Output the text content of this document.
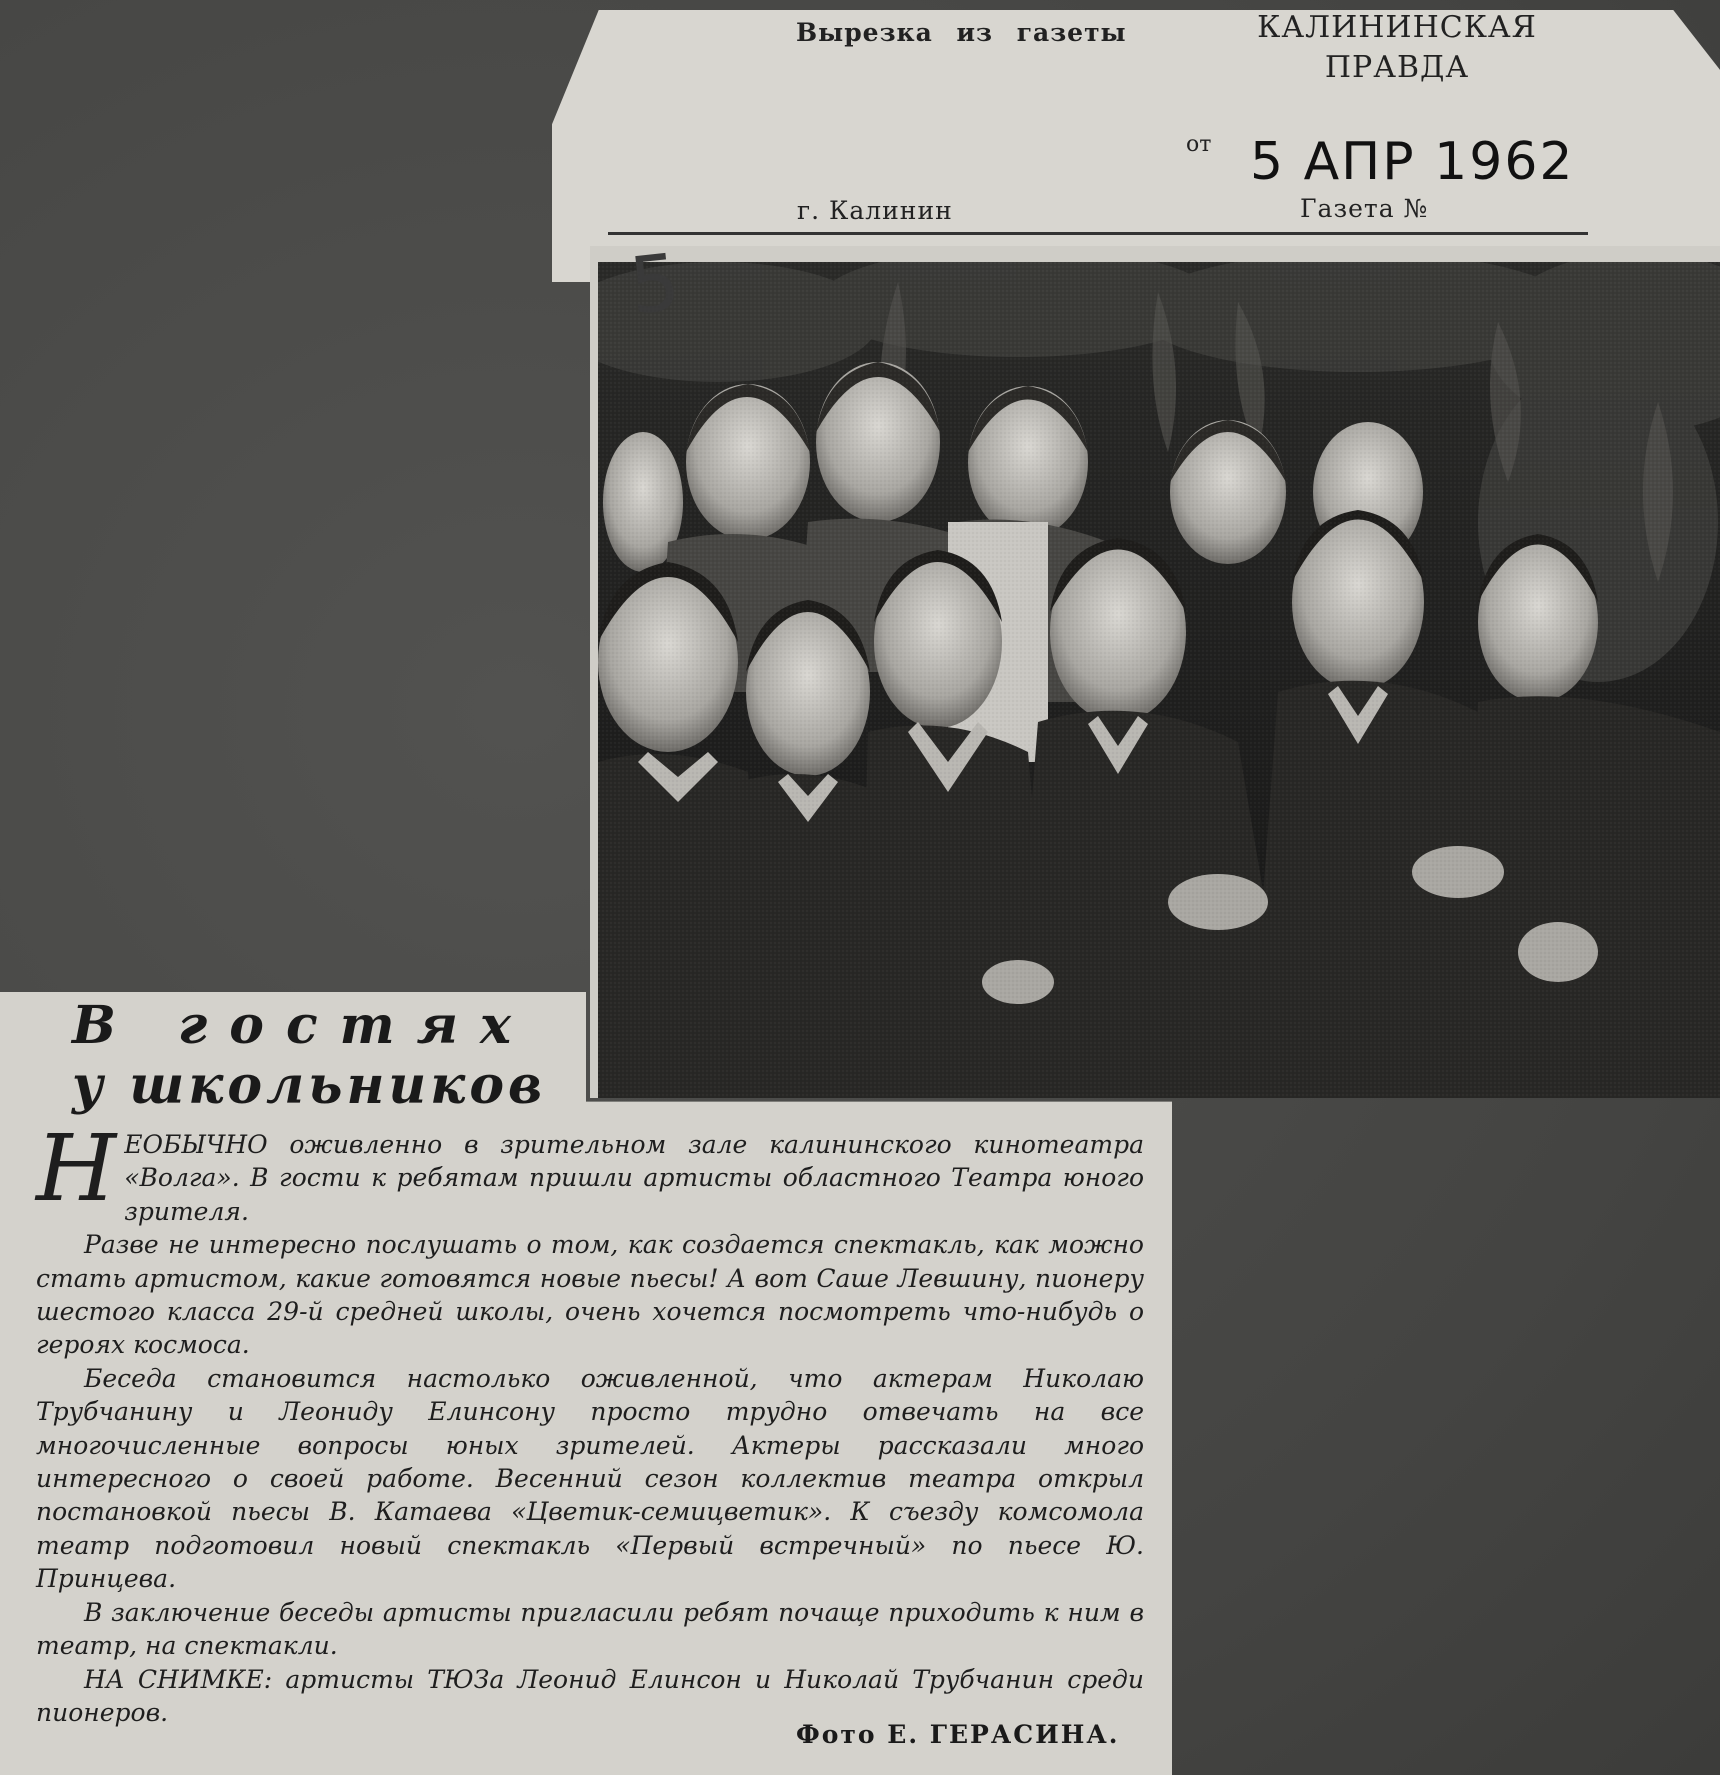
Вырезка из газеты	КАЛИНИНСКАЯ
ПРАВДА
от 5 АПР 1962
г. Калинин	Газета №
5
В гостях
у школьников

НЕОБЫЧНО оживленно в зрительном зале калининского кинотеатра «Волга». В гости к ребятам пришли артисты областного Театра юного зрителя.

Разве не интересно послушать о том, как создается спектакль, как можно стать артистом, какие готовятся новые пьесы! А вот Саше Левшину, пионеру шестого класса 29-й средней школы, очень хочется посмотреть что-нибудь о героях космоса.

Беседа становится настолько оживленной, что актерам Николаю Трубчанину и Леониду Елинсону просто трудно отвечать на все многочисленные вопросы юных зрителей. Актеры рассказали много интересного о своей работе. Весенний сезон коллектив театра открыл постановкой пьесы В. Катаева «Цветик-семицветик». К съезду комсомола театр подготовил новый спектакль «Первый встречный» по пьесе Ю. Принцева.

В заключение беседы артисты пригласили ребят почаще приходить к ним в театр, на спектакли.

НА СНИМКЕ: артисты ТЮЗа Леонид Елинсон и Николай Трубчанин среди пионеров.

Фото Е. ГЕРАСИНА.
